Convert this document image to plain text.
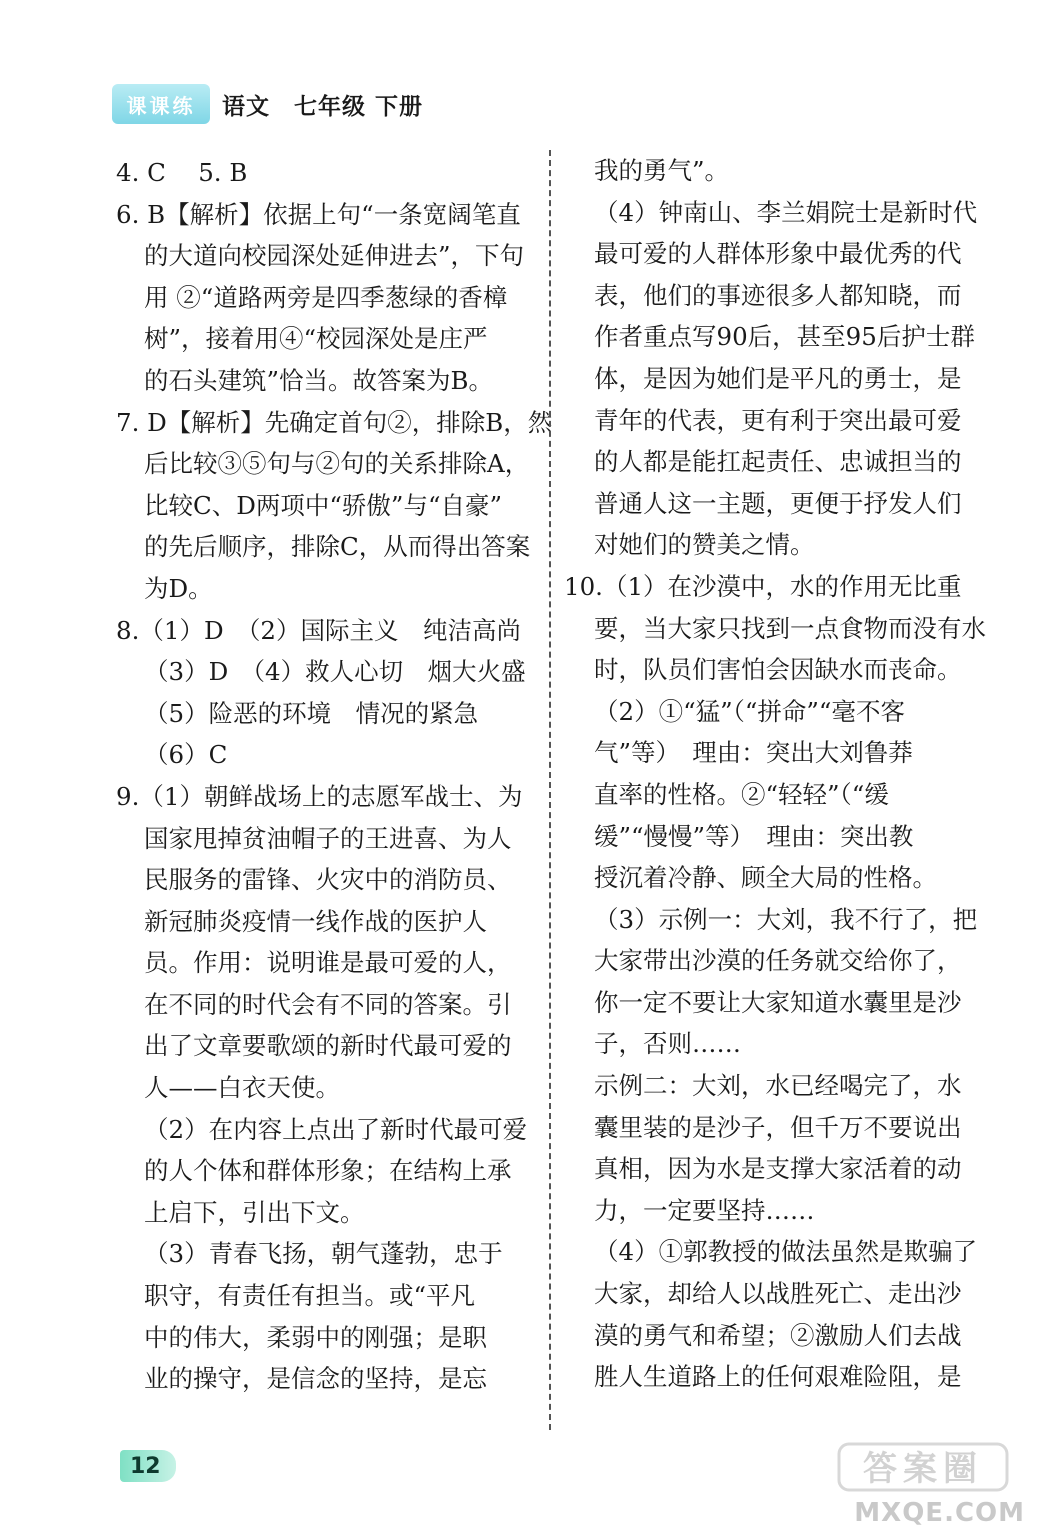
课课练	语文　七年级 下册
4. C　 5. B
6. B【解析】依据上句“一条宽阔笔直
的大道向校园深处延伸进去”，下句
用 ②“道路两旁是四季葱绿的香樟
树”，接着用④“校园深处是庄严
的石头建筑”恰当。故答案为B。
7. D【解析】先确定首句②，排除B，然
后比较③⑤句与②句的关系排除A，
比较C、D两项中“骄傲”与“自豪”
的先后顺序，排除C，从而得出答案
为D。
8.（1）D　（2）国际主义　纯洁高尚
（3）D　（4）救人心切　烟大火盛
（5）险恶的环境　情况的紧急
（6）C
9.（1）朝鲜战场上的志愿军战士、为
国家甩掉贫油帽子的王进喜、为人
民服务的雷锋、火灾中的消防员、
新冠肺炎疫情一线作战的医护人
员。作用：说明谁是最可爱的人，
在不同的时代会有不同的答案。引
出了文章要歌颂的新时代最可爱的
人——白衣天使。
（2）在内容上点出了新时代最可爱
的人个体和群体形象；在结构上承
上启下，引出下文。
（3）青春飞扬，朝气蓬勃，忠于
职守，有责任有担当。或“平凡
中的伟大，柔弱中的刚强；是职
业的操守，是信念的坚持，是忘
我的勇气”。
（4）钟南山、李兰娟院士是新时代
最可爱的人群体形象中最优秀的代
表，他们的事迹很多人都知晓，而
作者重点写90后，甚至95后护士群
体，是因为她们是平凡的勇士，是
青年的代表，更有利于突出最可爱
的人都是能扛起责任、忠诚担当的
普通人这一主题，更便于抒发人们
对她们的赞美之情。
10.（1）在沙漠中，水的作用无比重
要，当大家只找到一点食物而没有水
时，队员们害怕会因缺水而丧命。
（2）①“猛”（“拼命”“毫不客
气”等）　理由：突出大刘鲁莽
直率的性格。②“轻轻”（“缓
缓”“慢慢”等）　理由：突出教
授沉着冷静、顾全大局的性格。
（3）示例一：大刘，我不行了，把
大家带出沙漠的任务就交给你了，
你一定不要让大家知道水囊里是沙
子，否则……
示例二：大刘，水已经喝完了，水
囊里装的是沙子，但千万不要说出
真相，因为水是支撑大家活着的动
力，一定要坚持……
（4）①郭教授的做法虽然是欺骗了
大家，却给人以战胜死亡、走出沙
漠的勇气和希望；②激励人们去战
胜人生道路上的任何艰难险阻，是
12	答案圈
MXQE.COM
